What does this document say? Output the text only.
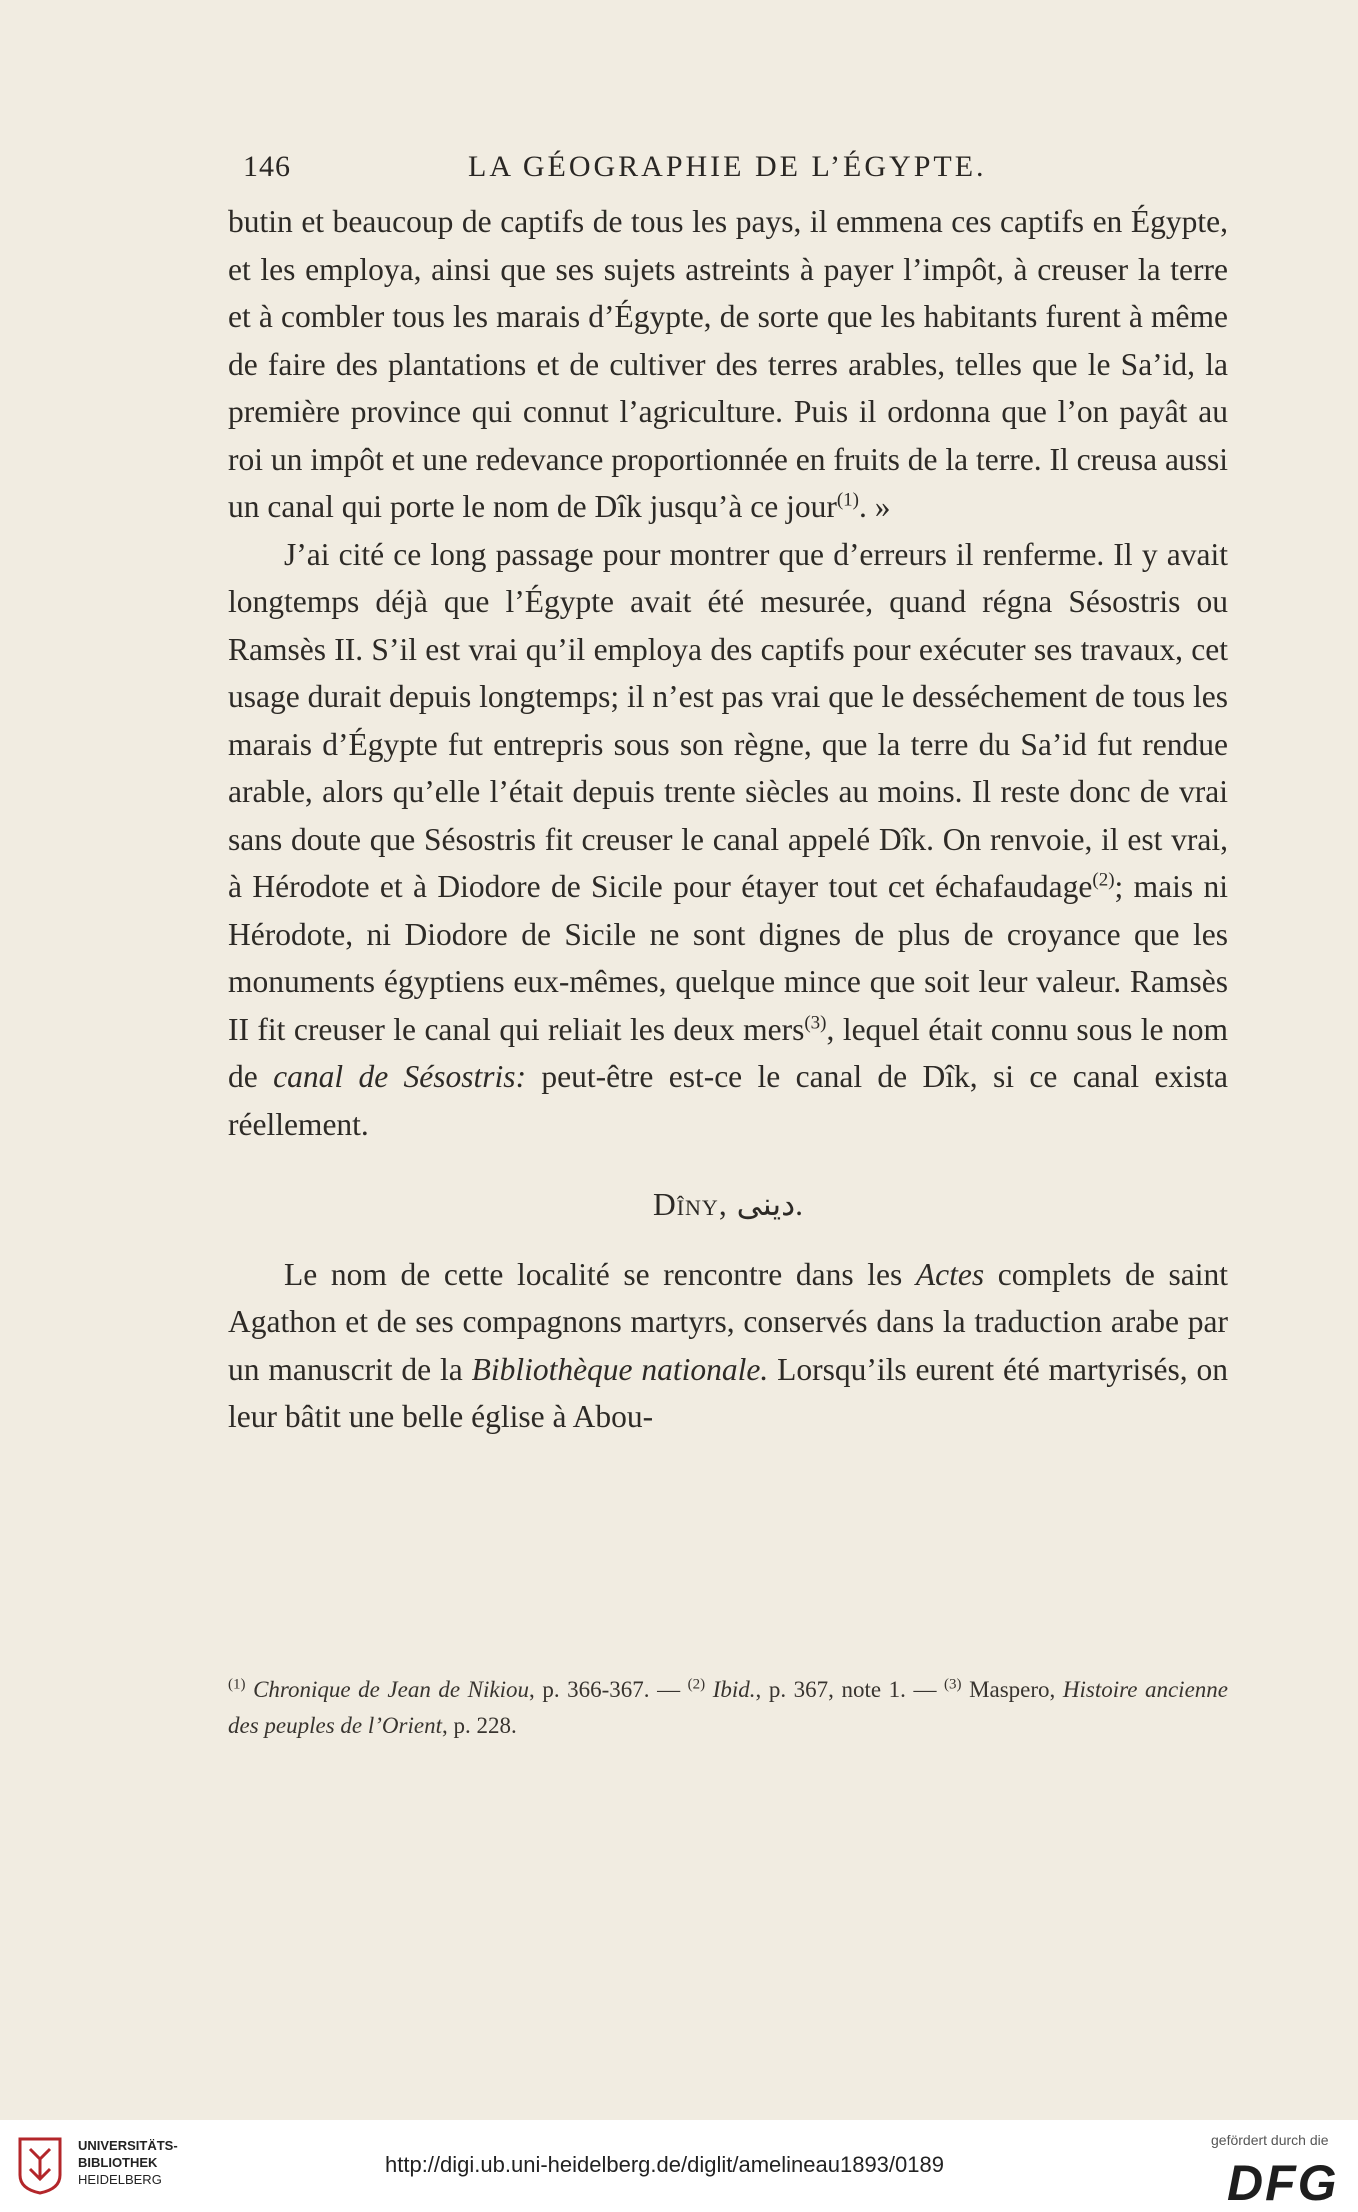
146	LA GÉOGRAPHIE DE L’ÉGYPTE.

butin et beaucoup de captifs de tous les pays, il emmena ces captifs en Égypte, et les employa, ainsi que ses sujets astreints à payer l’impôt, à creuser la terre et à combler tous les marais d’Égypte, de sorte que les habitants furent à même de faire des plantations et de cultiver des terres arables, telles que le Sa’id, la première province qui connut l’agriculture. Puis il ordonna que l’on payât au roi un impôt et une redevance proportionnée en fruits de la terre. Il creusa aussi un canal qui porte le nom de Dîk jusqu’à ce jour$^{(1)}$. »

J’ai cité ce long passage pour montrer que d’erreurs il renferme. Il y avait longtemps déjà que l’Égypte avait été mesurée, quand régna Sésostris ou Ramsès II. S’il est vrai qu’il employa des captifs pour exécuter ses travaux, cet usage durait depuis longtemps; il n’est pas vrai que le desséchement de tous les marais d’Égypte fut entrepris sous son règne, que la terre du Sa’id fut rendue arable, alors qu’elle l’était depuis trente siècles au moins. Il reste donc de vrai sans doute que Sésostris fit creuser le canal appelé Dîk. On renvoie, il est vrai, à Hérodote et à Diodore de Sicile pour étayer tout cet échafaudage$^{(2)}$; mais ni Hérodote, ni Diodore de Sicile ne sont dignes de plus de croyance que les monuments égyptiens eux-mêmes, quelque mince que soit leur valeur. Ramsès II fit creuser le canal qui reliait les deux mers$^{(3)}$, lequel était connu sous le nom de canal de Sésostris: peut-être est-ce le canal de Dîk, si ce canal exista réellement.

Dîny, دينى.

Le nom de cette localité se rencontre dans les Actes complets de saint Agathon et de ses compagnons martyrs, conservés dans la traduction arabe par un manuscrit de la Bibliothèque nationale. Lorsqu’ils eurent été martyrisés, on leur bâtit une belle église à Abou-

$^{(1)}$ Chronique de Jean de Nikiou, p. 366-367. — $^{(2)}$ Ibid., p. 367, note 1. — $^{(3)}$ Maspero, Histoire ancienne des peuples de l’Orient, p. 228.

UNIVERSITÄTS-
BIBLIOTHEK
HEIDELBERG
http://digi.ub.uni-heidelberg.de/diglit/amelineau1893/0189
gefördert durch die
DFG
